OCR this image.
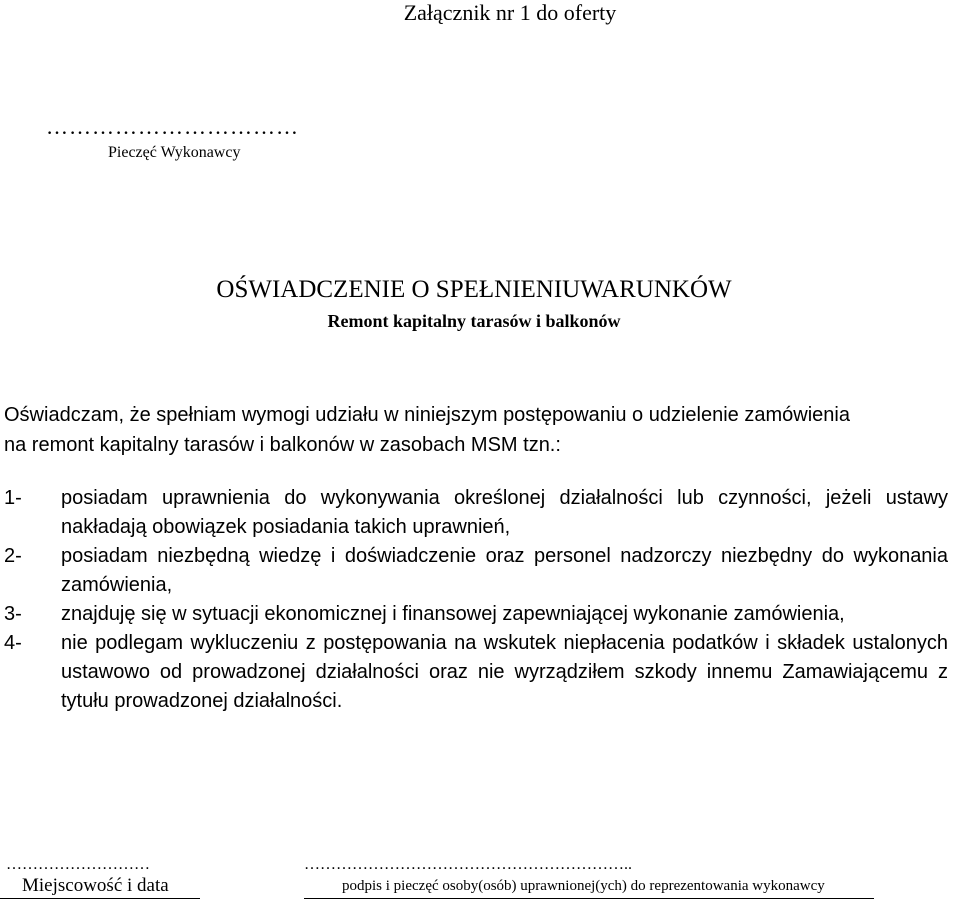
Załącznik nr 1 do oferty
……………………………
Pieczęć Wykonawcy
OŚWIADCZENIE O SPEŁNIENIUWARUNKÓW
Remont kapitalny tarasów i balkonów
Oświadczam, że spełniam wymogi udziału w niniejszym postępowaniu o udzielenie zamówienia
na remont kapitalny tarasów i balkonów w zasobach MSM tzn.:
1- posiadam uprawnienia do wykonywania określonej działalności lub czynności, jeżeli ustawy nakładają obowiązek posiadania takich uprawnień,
2- posiadam niezbędną wiedzę i doświadczenie oraz personel nadzorczy niezbędny do wykonania zamówienia,
3- znajduję się w sytuacji ekonomicznej i finansowej zapewniającej wykonanie zamówienia,
4- nie podlegam wykluczeniu z postępowania na wskutek niepłacenia podatków i składek ustalonych ustawowo od prowadzonej działalności oraz nie wyrządziłem szkody innemu Zamawiającemu z tytułu prowadzonej działalności.
………………………
Miejscowość i data
……………………………………………………..
podpis i pieczęć osoby(osób) uprawnionej(ych) do reprezentowania wykonawcy
